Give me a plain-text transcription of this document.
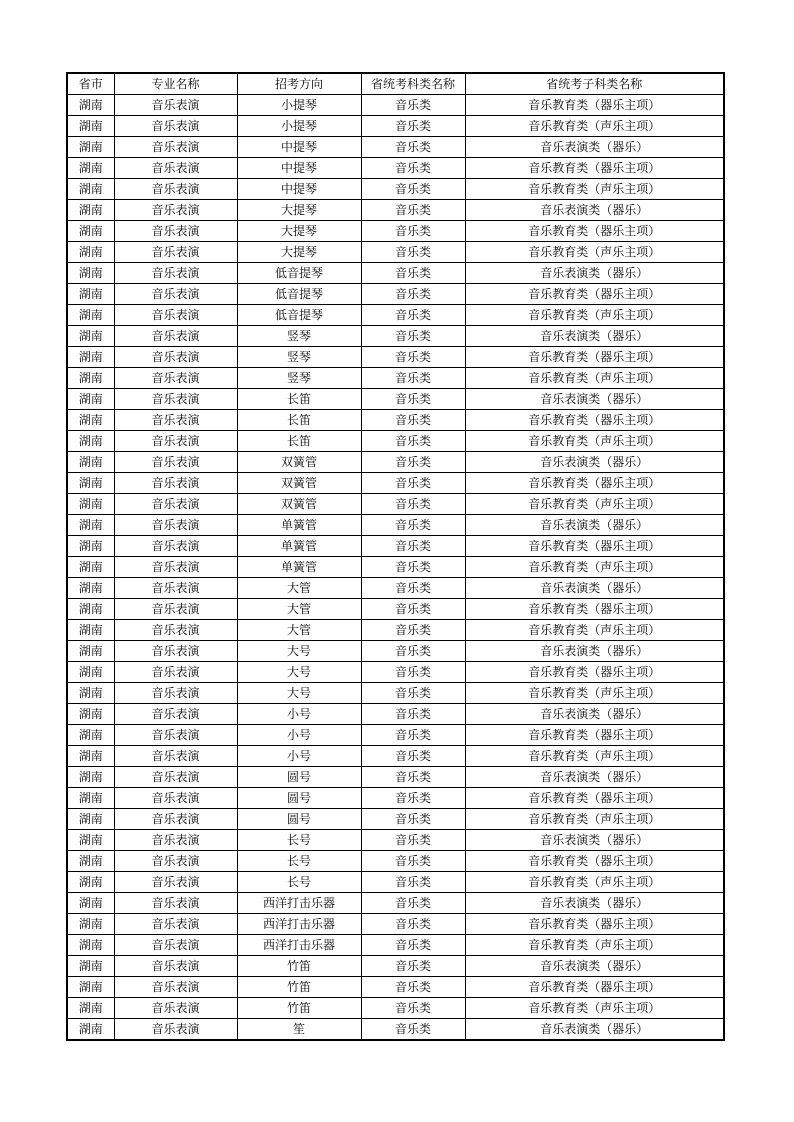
省市	专业名称	招考方向	省统考科类名称	省统考子科类名称
湖南	音乐表演	小提琴	音乐类	音乐教育类（器乐主项）
湖南	音乐表演	小提琴	音乐类	音乐教育类（声乐主项）
湖南	音乐表演	中提琴	音乐类	音乐表演类（器乐）
湖南	音乐表演	中提琴	音乐类	音乐教育类（器乐主项）
湖南	音乐表演	中提琴	音乐类	音乐教育类（声乐主项）
湖南	音乐表演	大提琴	音乐类	音乐表演类（器乐）
湖南	音乐表演	大提琴	音乐类	音乐教育类（器乐主项）
湖南	音乐表演	大提琴	音乐类	音乐教育类（声乐主项）
湖南	音乐表演	低音提琴	音乐类	音乐表演类（器乐）
湖南	音乐表演	低音提琴	音乐类	音乐教育类（器乐主项）
湖南	音乐表演	低音提琴	音乐类	音乐教育类（声乐主项）
湖南	音乐表演	竖琴	音乐类	音乐表演类（器乐）
湖南	音乐表演	竖琴	音乐类	音乐教育类（器乐主项）
湖南	音乐表演	竖琴	音乐类	音乐教育类（声乐主项）
湖南	音乐表演	长笛	音乐类	音乐表演类（器乐）
湖南	音乐表演	长笛	音乐类	音乐教育类（器乐主项）
湖南	音乐表演	长笛	音乐类	音乐教育类（声乐主项）
湖南	音乐表演	双簧管	音乐类	音乐表演类（器乐）
湖南	音乐表演	双簧管	音乐类	音乐教育类（器乐主项）
湖南	音乐表演	双簧管	音乐类	音乐教育类（声乐主项）
湖南	音乐表演	单簧管	音乐类	音乐表演类（器乐）
湖南	音乐表演	单簧管	音乐类	音乐教育类（器乐主项）
湖南	音乐表演	单簧管	音乐类	音乐教育类（声乐主项）
湖南	音乐表演	大管	音乐类	音乐表演类（器乐）
湖南	音乐表演	大管	音乐类	音乐教育类（器乐主项）
湖南	音乐表演	大管	音乐类	音乐教育类（声乐主项）
湖南	音乐表演	大号	音乐类	音乐表演类（器乐）
湖南	音乐表演	大号	音乐类	音乐教育类（器乐主项）
湖南	音乐表演	大号	音乐类	音乐教育类（声乐主项）
湖南	音乐表演	小号	音乐类	音乐表演类（器乐）
湖南	音乐表演	小号	音乐类	音乐教育类（器乐主项）
湖南	音乐表演	小号	音乐类	音乐教育类（声乐主项）
湖南	音乐表演	圆号	音乐类	音乐表演类（器乐）
湖南	音乐表演	圆号	音乐类	音乐教育类（器乐主项）
湖南	音乐表演	圆号	音乐类	音乐教育类（声乐主项）
湖南	音乐表演	长号	音乐类	音乐表演类（器乐）
湖南	音乐表演	长号	音乐类	音乐教育类（器乐主项）
湖南	音乐表演	长号	音乐类	音乐教育类（声乐主项）
湖南	音乐表演	西洋打击乐器	音乐类	音乐表演类（器乐）
湖南	音乐表演	西洋打击乐器	音乐类	音乐教育类（器乐主项）
湖南	音乐表演	西洋打击乐器	音乐类	音乐教育类（声乐主项）
湖南	音乐表演	竹笛	音乐类	音乐表演类（器乐）
湖南	音乐表演	竹笛	音乐类	音乐教育类（器乐主项）
湖南	音乐表演	竹笛	音乐类	音乐教育类（声乐主项）
湖南	音乐表演	笙	音乐类	音乐表演类（器乐）
